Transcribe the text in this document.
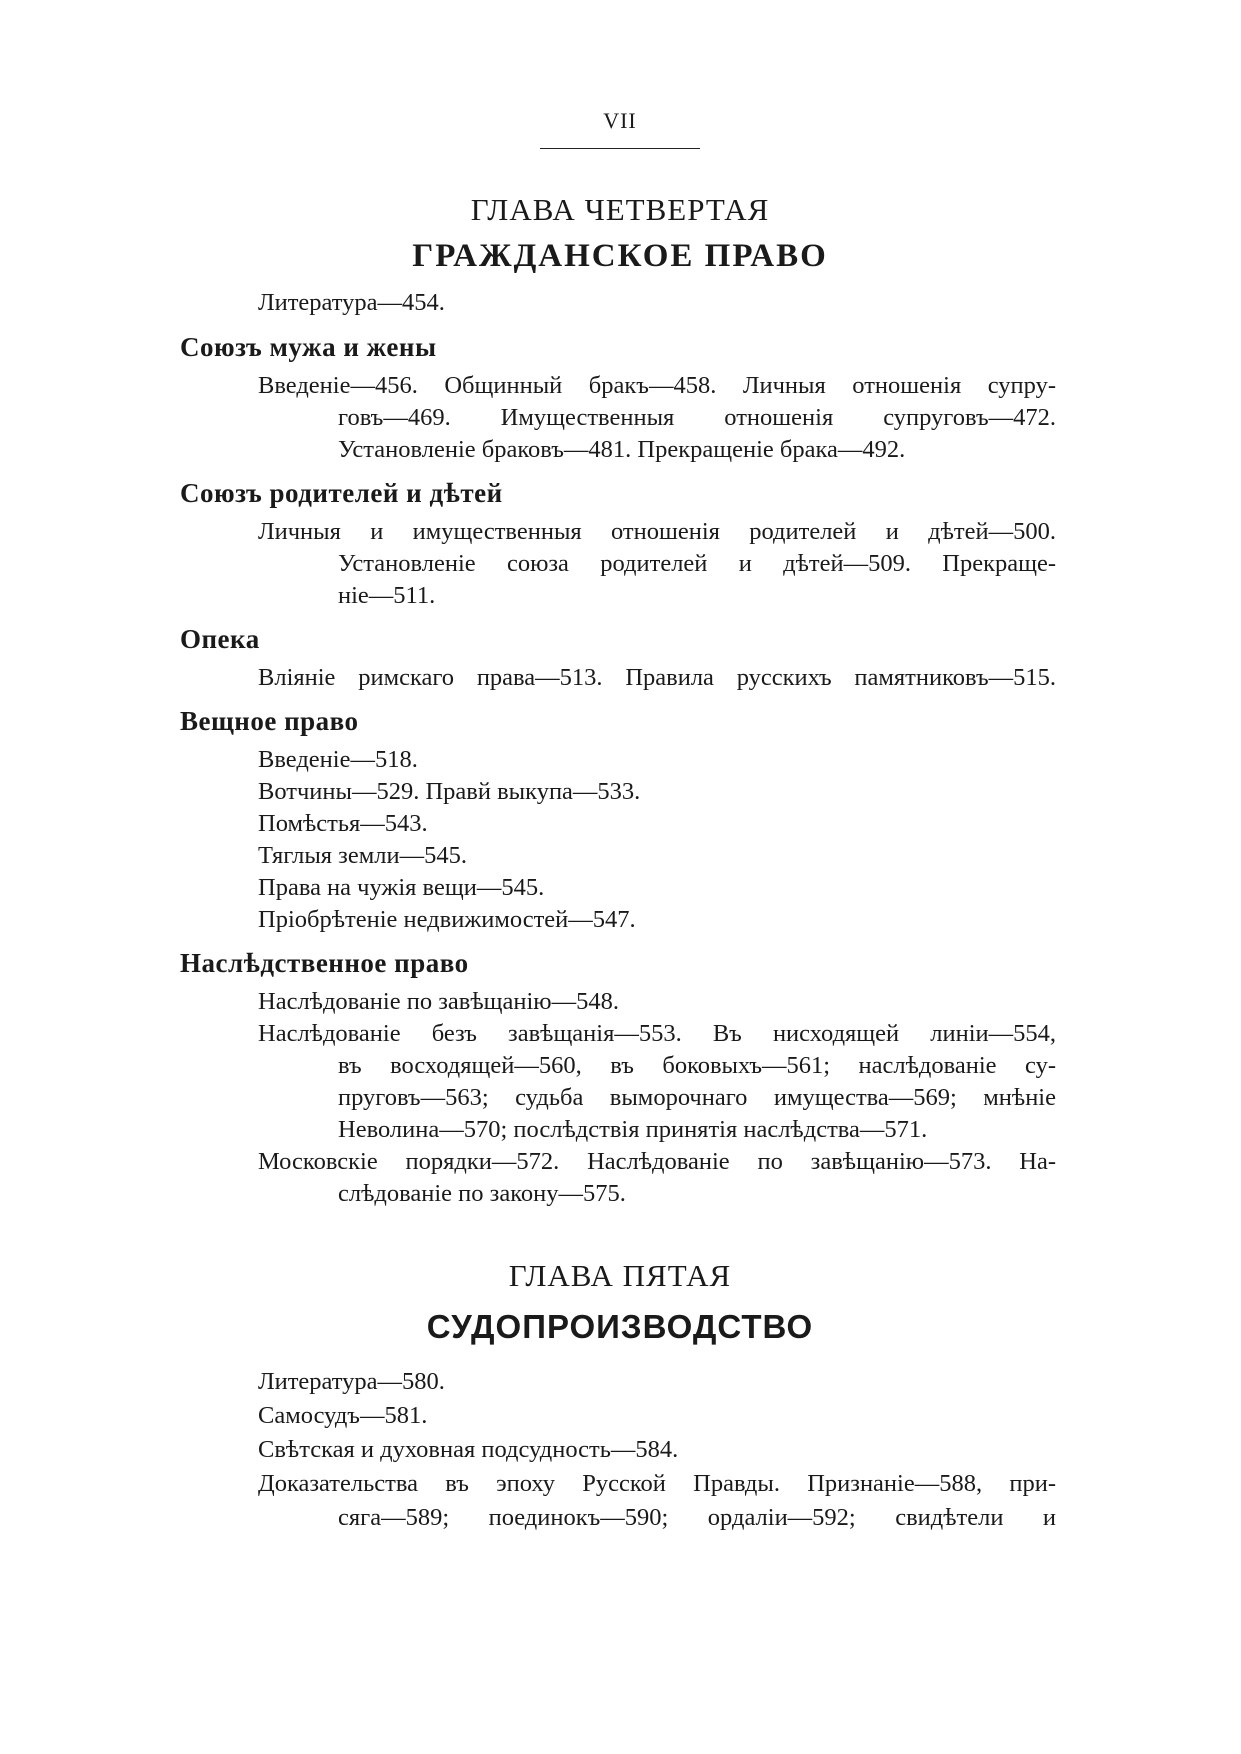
VII
ГЛАВА ЧЕТВЕРТАЯ
ГРАЖДАНСКОЕ ПРАВО
Литература—454.
Союзъ мужа и жены
Введеніе—456. Общинный бракъ—458. Личныя отношенія супру-
говъ—469. Имущественныя отношенія супруговъ—472.
Установленіе браковъ—481. Прекращеніе брака—492.
Союзъ родителей и дѣтей
Личныя и имущественныя отношенія родителей и дѣтей—500.
Установленіе союза родителей и дѣтей—509. Прекраще-
ніе—511.
Опека
Вліяніе римскаго права—513. Правила русскихъ памятниковъ—515.
Вещное право
Введеніе—518.
Вотчины—529. Правй выкупа—533.
Помѣстья—543.
Тяглыя земли—545.
Права на чужія вещи—545.
Пріобрѣтеніе недвижимостей—547.
Наслѣдственное право
Наслѣдованіе по завѣщанію—548.
Наслѣдованіе безъ завѣщанія—553. Въ нисходящей линіи—554,
въ восходящей—560, въ боковыхъ—561; наслѣдованіе су-
пруговъ—563; судьба выморочнаго имущества—569; мнѣніе
Неволина—570; послѣдствія принятія наслѣдства—571.
Московскіе порядки—572. Наслѣдованіе по завѣщанію—573. На-
слѣдованіе по закону—575.
ГЛАВА ПЯТАЯ
СУДОПРОИЗВОДСТВО
Литература—580.
Самосудъ—581.
Свѣтская и духовная подсудность—584.
Доказательства въ эпоху Русской Правды. Признаніе—588, при-
сяга—589; поединокъ—590; ордаліи—592; свидѣтели и
